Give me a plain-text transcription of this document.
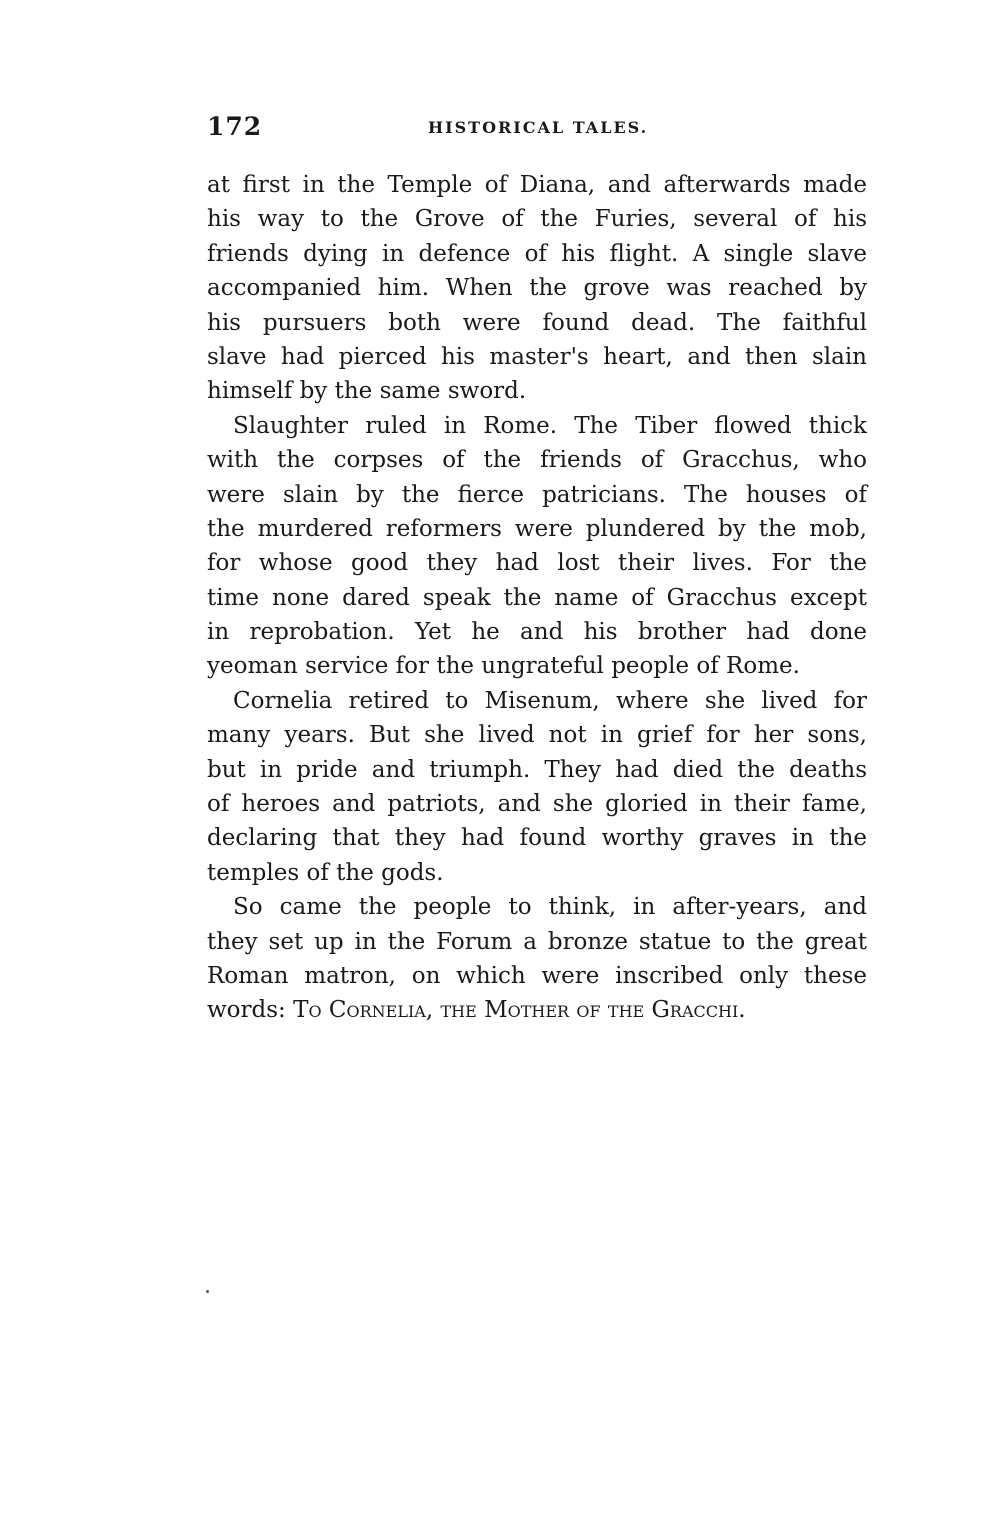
172	HISTORICAL TALES.
at first in the Temple of Diana, and afterwards made
his way to the Grove of the Furies, several of his
friends dying in defence of his flight. A single slave
accompanied him. When the grove was reached by
his pursuers both were found dead. The faithful
slave had pierced his master's heart, and then slain
himself by the same sword.
Slaughter ruled in Rome. The Tiber flowed thick
with the corpses of the friends of Gracchus, who
were slain by the fierce patricians. The houses of
the murdered reformers were plundered by the mob,
for whose good they had lost their lives. For the
time none dared speak the name of Gracchus except
in reprobation. Yet he and his brother had done
yeoman service for the ungrateful people of Rome.
Cornelia retired to Misenum, where she lived for
many years. But she lived not in grief for her sons,
but in pride and triumph. They had died the deaths
of heroes and patriots, and she gloried in their fame,
declaring that they had found worthy graves in the
temples of the gods.
So came the people to think, in after-years, and
they set up in the Forum a bronze statue to the great
Roman matron, on which were inscribed only these
words: To Cornelia, the Mother of the Gracchi.
